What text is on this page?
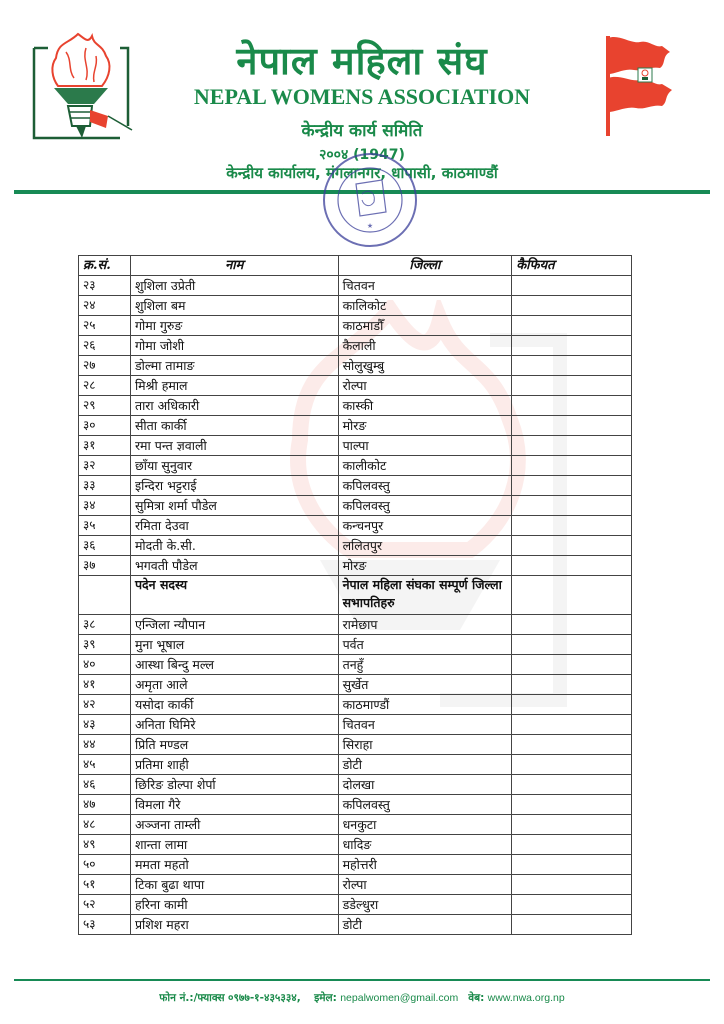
नेपाल महिला संघ
NEPAL WOMENS ASSOCIATION
केन्द्रीय कार्य समिति
२००४ (1947)
केन्द्रीय कार्यालय, मंगलानगर, धापासी, काठमाण्डौं
★
क्र.सं.	नाम	जिल्ला	कैफियत
२३	शुशिला उप्रेती	चितवन	
२४	शुशिला बम	कालिकोट	
२५	गोमा गुरुङ	काठमाडौँ	
२६	गोमा जोशी	कैलाली	
२७	डोल्मा तामाङ	सोलुखुम्बु	
२८	मिश्री हमाल	रोल्पा	
२९	तारा अधिकारी	कास्की	
३०	सीता कार्की	मोरङ	
३१	रमा पन्त ज्ञवाली	पाल्पा	
३२	छाँया सुनुवार	कालीकोट	
३३	इन्दिरा भट्टराई	कपिलवस्तु	
३४	सुमित्रा शर्मा पौडेल	कपिलवस्तु	
३५	रमिता देउवा	कन्चनपुर	
३६	मोदती के.सी.	ललितपुर	
३७	भगवती पौडेल	मोरङ	
	पदेन सदस्य	नेपाल महिला संघका सम्पूर्ण जिल्ला सभापतिहरु	
३८	एन्जिला न्यौपान	रामेछाप	
३९	मुना भूषाल	पर्वत	
४०	आस्था बिन्दु मल्ल	तनहुँ	
४१	अमृता आले	सुर्खेत	
४२	यसोदा कार्की	काठमाण्डौं	
४३	अनिता घिमिरे	चितवन	
४४	प्रिति मण्डल	सिराहा	
४५	प्रतिमा शाही	डोटी	
४६	छिरिङ डोल्पा शेर्पा	दोलखा	
४७	विमला गैरे	कपिलवस्तु	
४८	अञ्जना ताम्ली	धनकुटा	
४९	शान्ता लामा	धादिङ	
५०	ममता महतो	महोत्तरी	
५१	टिका बुढा थापा	रोल्पा	
५२	हरिना कामी	डडेल्धुरा	
५३	प्रशिश महरा	डोटी	
फोन नं.:/फ्याक्स ०९७७-१-४३५३३४, इमेल: nepalwomen@gmail.com वेब: www.nwa.org.np
